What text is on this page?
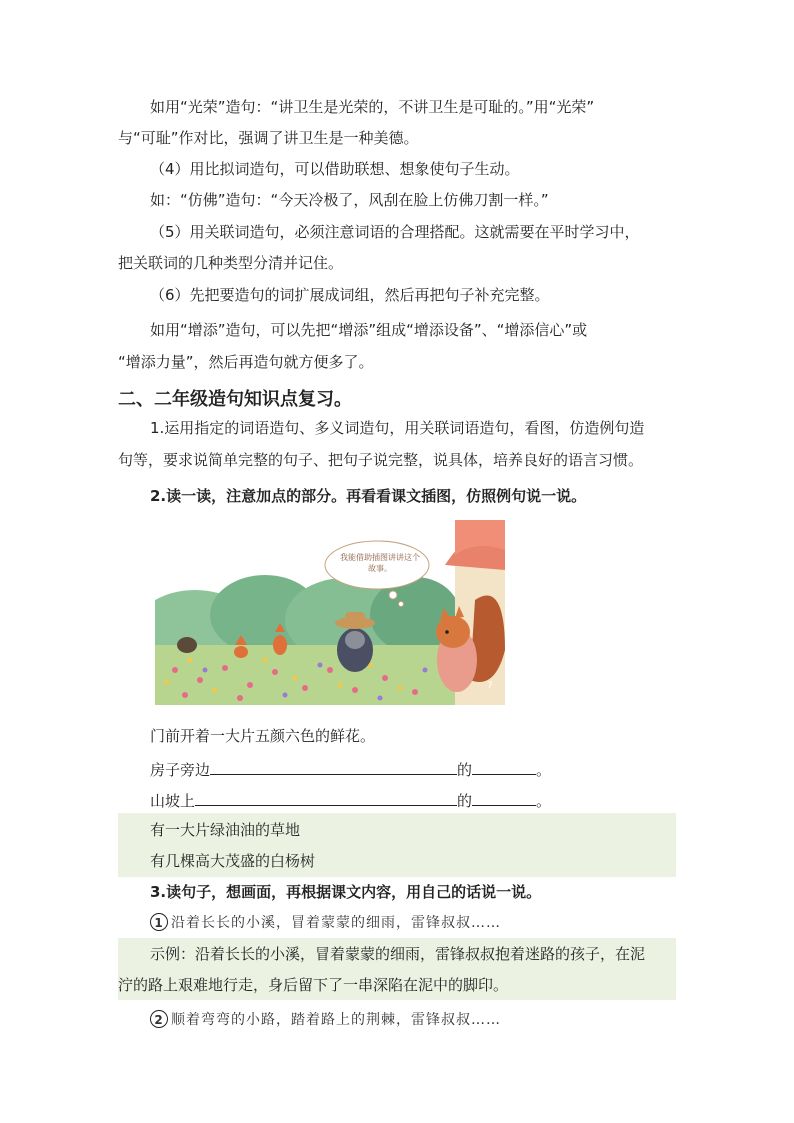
如用“光荣”造句：“讲卫生是光荣的，不讲卫生是可耻的。”用“光荣”
与“可耻”作对比，强调了讲卫生是一种美德。
（4）用比拟词造句，可以借助联想、想象使句子生动。
如：“仿佛”造句：“今天冷极了，风刮在脸上仿佛刀割一样。”
（5）用关联词造句，必须注意词语的合理搭配。这就需要在平时学习中，
把关联词的几种类型分清并记住。
（6）先把要造句的词扩展成词组，然后再把句子补充完整。
如用“增添”造句，可以先把“增添”组成“增添设备”、“增添信心”或
“增添力量”，然后再造句就方便多了。
二、二年级造句知识点复习。
1.运用指定的词语造句、多义词造句，用关联词语造句，看图，仿造例句造
句等，要求说简单完整的句子、把句子说完整，说具体，培养良好的语言习惯。
2.读一读，注意加点的部分。再看看课文插图，仿照例句说一说。
我能借助插图讲讲这个故事。
7
门前开着一大片五颜六色的鲜花。
房子旁边	的	。
山坡上	的	。
有一大片绿油油的草地
有几棵高大茂盛的白杨树
3.读句子，想画面，再根据课文内容，用自己的话说一说。
1 沿着长长的小溪，冒着蒙蒙的细雨，雷锋叔叔……
示例：沿着长长的小溪，冒着蒙蒙的细雨，雷锋叔叔抱着迷路的孩子，在泥
泞的路上艰难地行走，身后留下了一串深陷在泥中的脚印。
2 顺着弯弯的小路，踏着路上的荆棘，雷锋叔叔……
